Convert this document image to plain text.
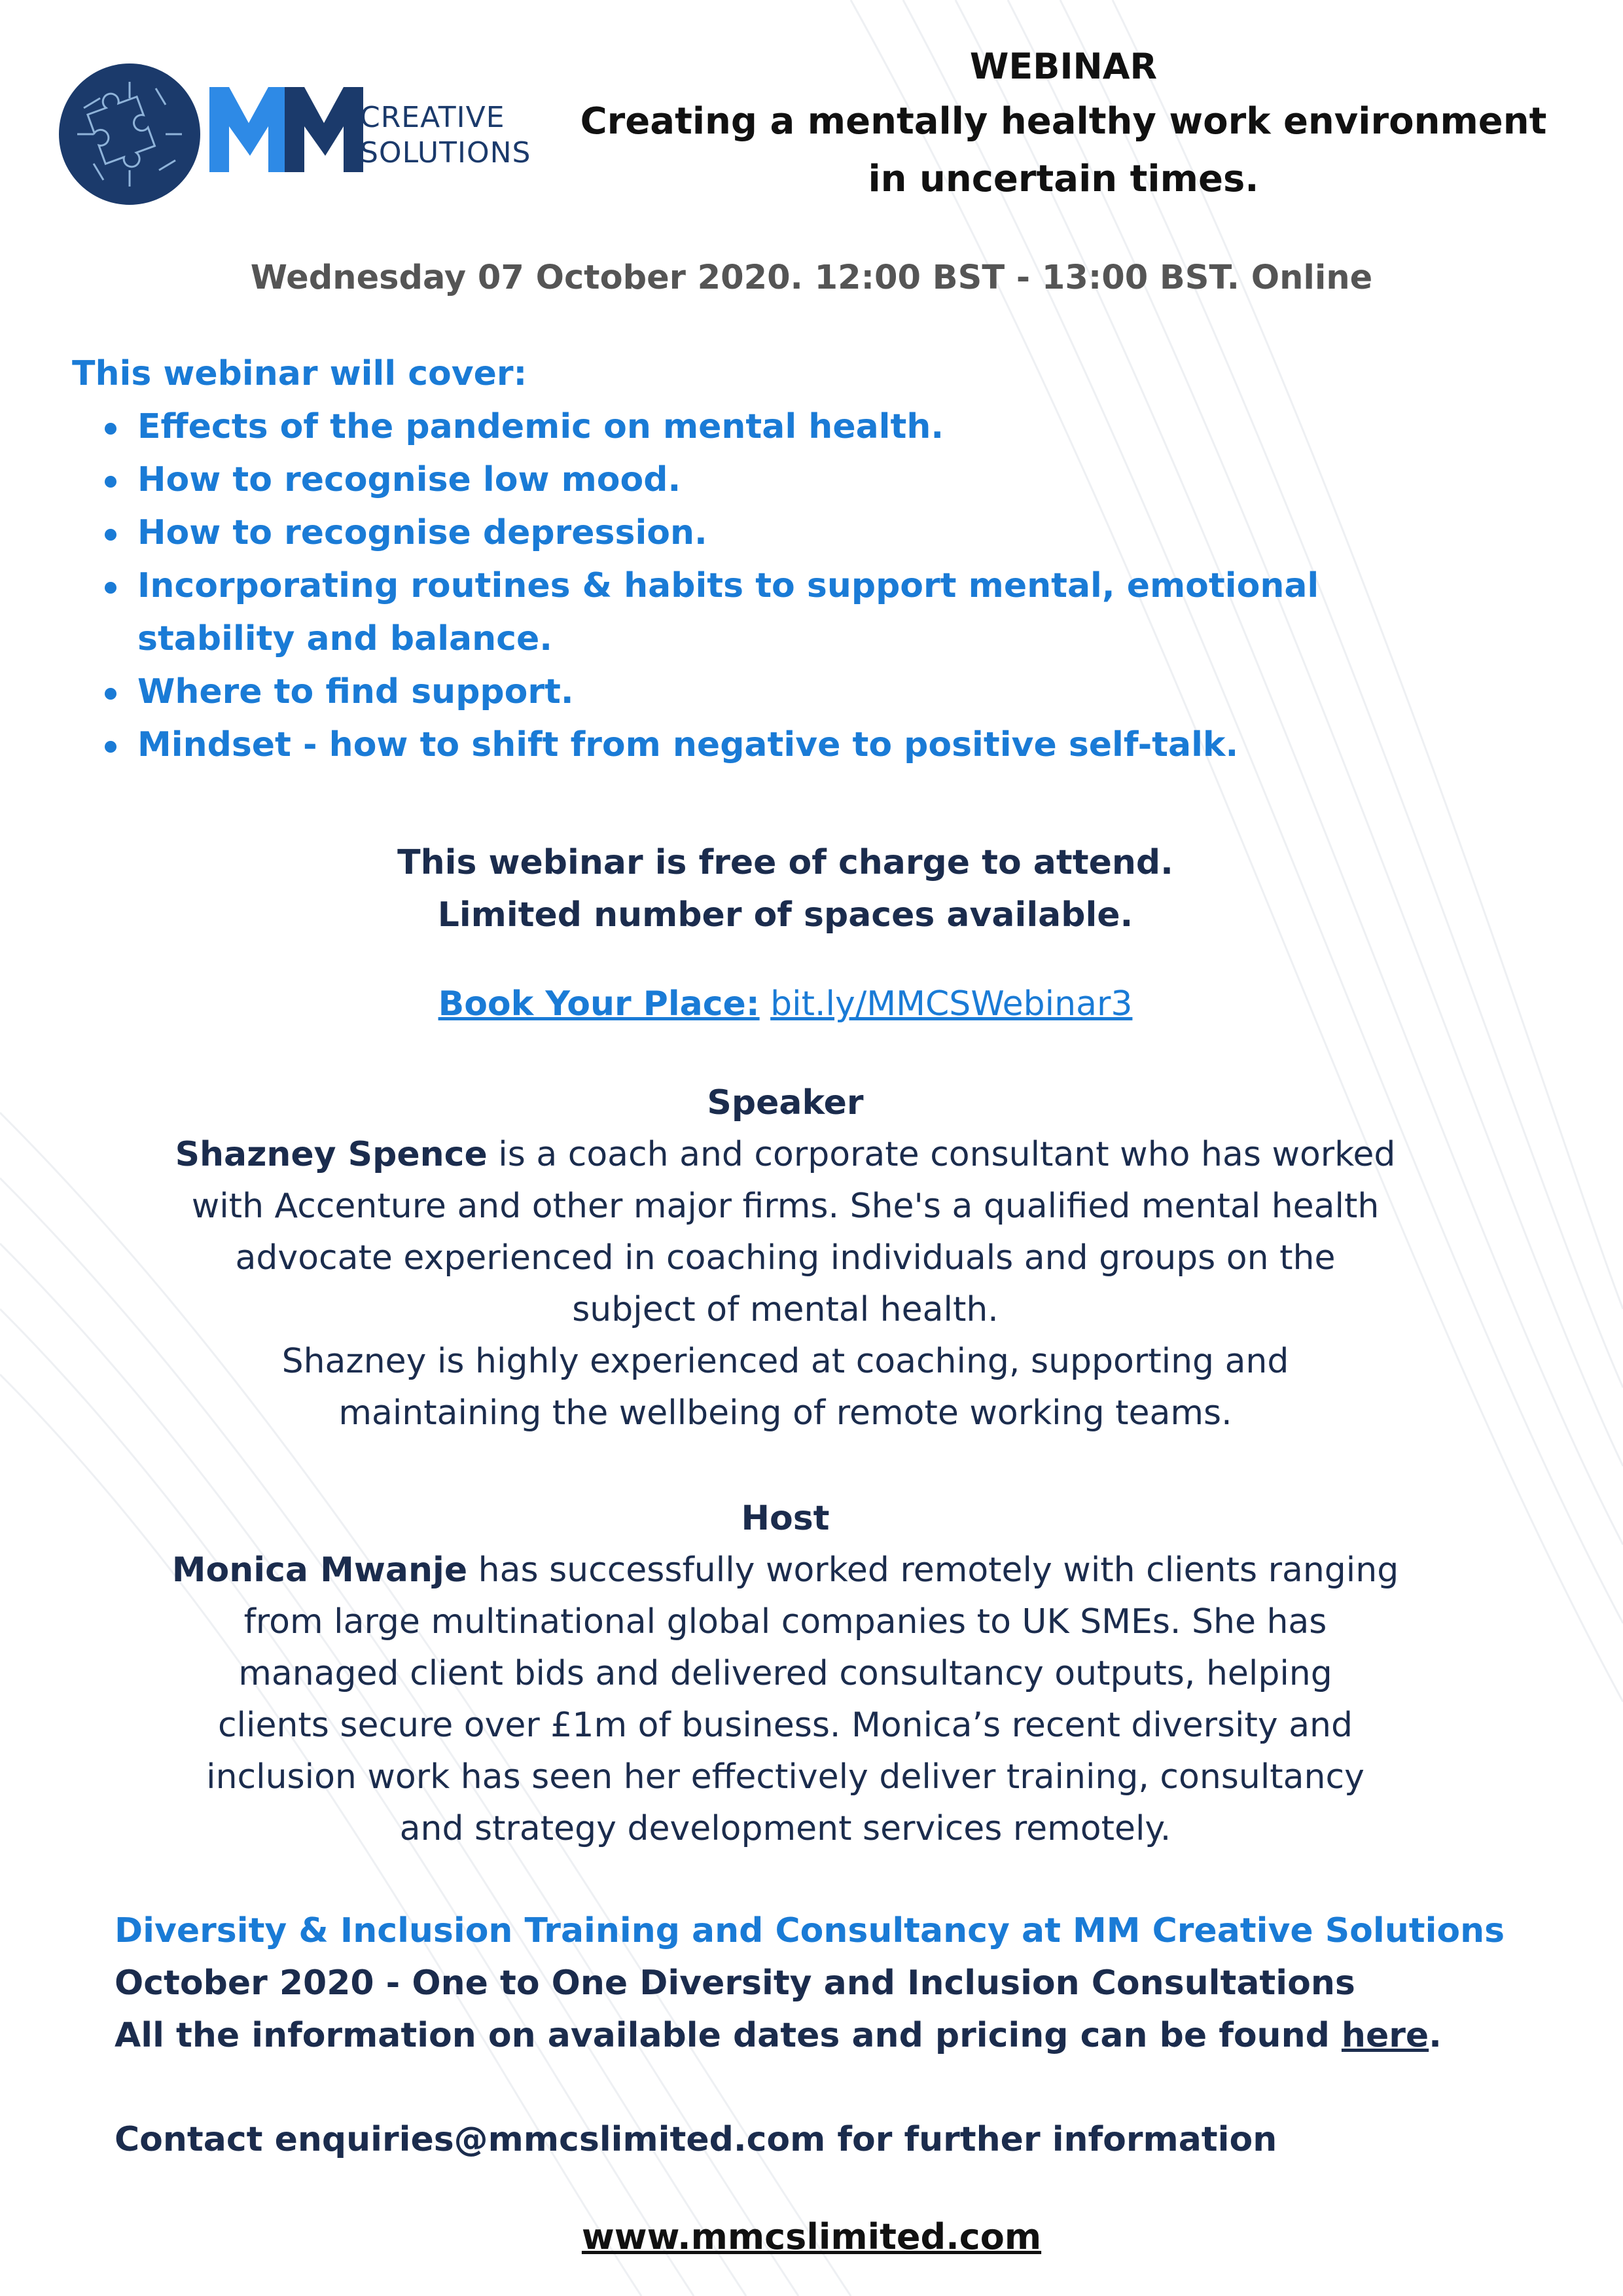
CREATIVE
SOLUTIONS
WEBINAR
Creating a mentally healthy work environment
in uncertain times.
Wednesday 07 October 2020. 12:00 BST - 13:00 BST. Online
This webinar will cover:
Effects of the pandemic on mental health.
How to recognise low mood.
How to recognise depression.
Incorporating routines & habits to support mental, emotional
stability and balance.
Where to find support.
Mindset - how to shift from negative to positive self-talk.
This webinar is free of charge to attend.
Limited number of spaces available.
Book Your Place: bit.ly/MMCSWebinar3
Speaker
Shazney Spence is a coach and corporate consultant who has worked
with Accenture and other major firms. She's a qualified mental health
advocate experienced in coaching individuals and groups on the
subject of mental health.
Shazney is highly experienced at coaching, supporting and
maintaining the wellbeing of remote working teams.
Host
Monica Mwanje has successfully worked remotely with clients ranging
from large multinational global companies to UK SMEs. She has
managed client bids and delivered consultancy outputs, helping
clients secure over £1m of business. Monica’s recent diversity and
inclusion work has seen her effectively deliver training, consultancy
and strategy development services remotely.
Diversity & Inclusion Training and Consultancy at MM Creative Solutions
October 2020 - One to One Diversity and Inclusion Consultations
All the information on available dates and pricing can be found here.
Contact enquiries@mmcslimited.com for further information
www.mmcslimited.com
